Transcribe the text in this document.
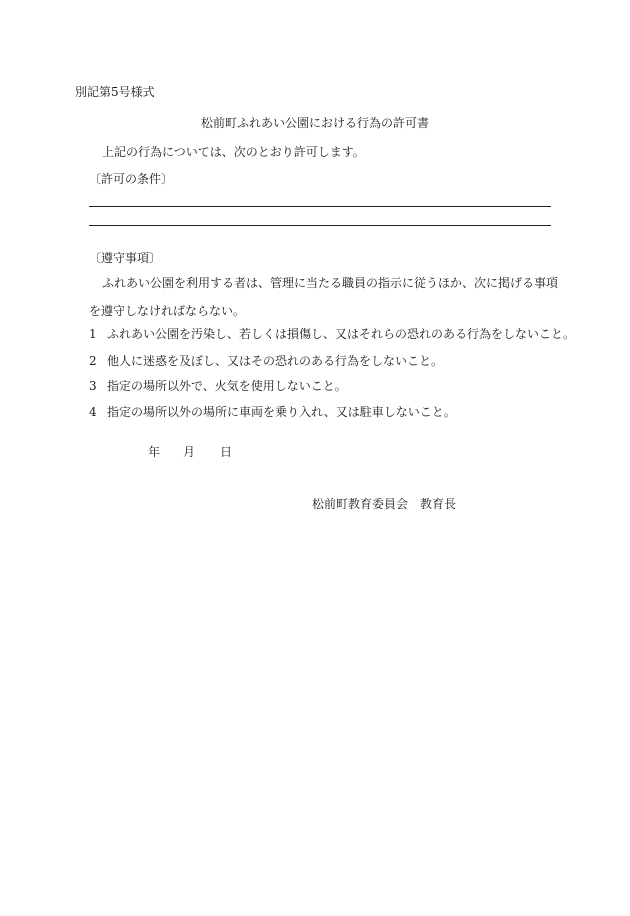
別記第5号様式
松前町ふれあい公園における行為の許可書
上記の行為については、次のとおり許可します。
〔許可の条件〕
〔遵守事項〕
ふれあい公園を利用する者は、管理に当たる職員の指示に従うほか、次に掲げる事項
を遵守しなければならない。
1 ふれあい公園を汚染し、若しくは損傷し、又はそれらの恐れのある行為をしないこと。
2 他人に迷惑を及ぼし、又はその恐れのある行為をしないこと。
3 指定の場所以外で、火気を使用しないこと。
4 指定の場所以外の場所に車両を乗り入れ、又は駐車しないこと。
年 月 日
松前町教育委員会　教育長
